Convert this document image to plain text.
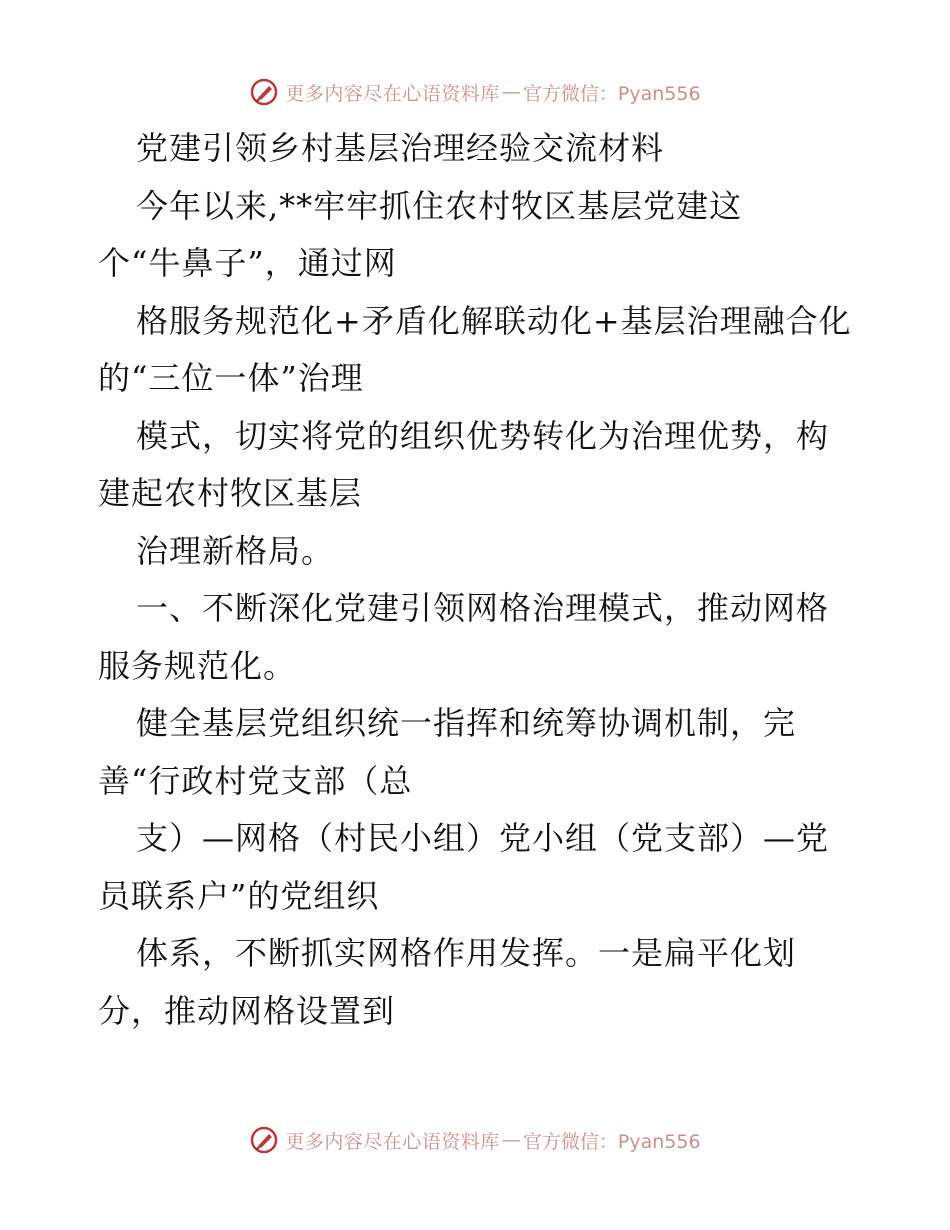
更多内容尽在心语资料库 — 官方微信：Pyan556
党建引领乡村基层治理经验交流材料
今年以来,**牢牢抓住农村牧区基层党建这
个“牛鼻子”，通过网
格服务规范化+矛盾化解联动化+基层治理融合化
的“三位一体”治理
模式，切实将党的组织优势转化为治理优势，构
建起农村牧区基层
治理新格局。
一、不断深化党建引领网格治理模式，推动网格
服务规范化。
健全基层党组织统一指挥和统筹协调机制，完
善“行政村党支部（总
支）—网格（村民小组）党小组（党支部）—党
员联系户”的党组织
体系，不断抓实网格作用发挥。一是扁平化划
分，推动网格设置到
更多内容尽在心语资料库 — 官方微信：Pyan556
